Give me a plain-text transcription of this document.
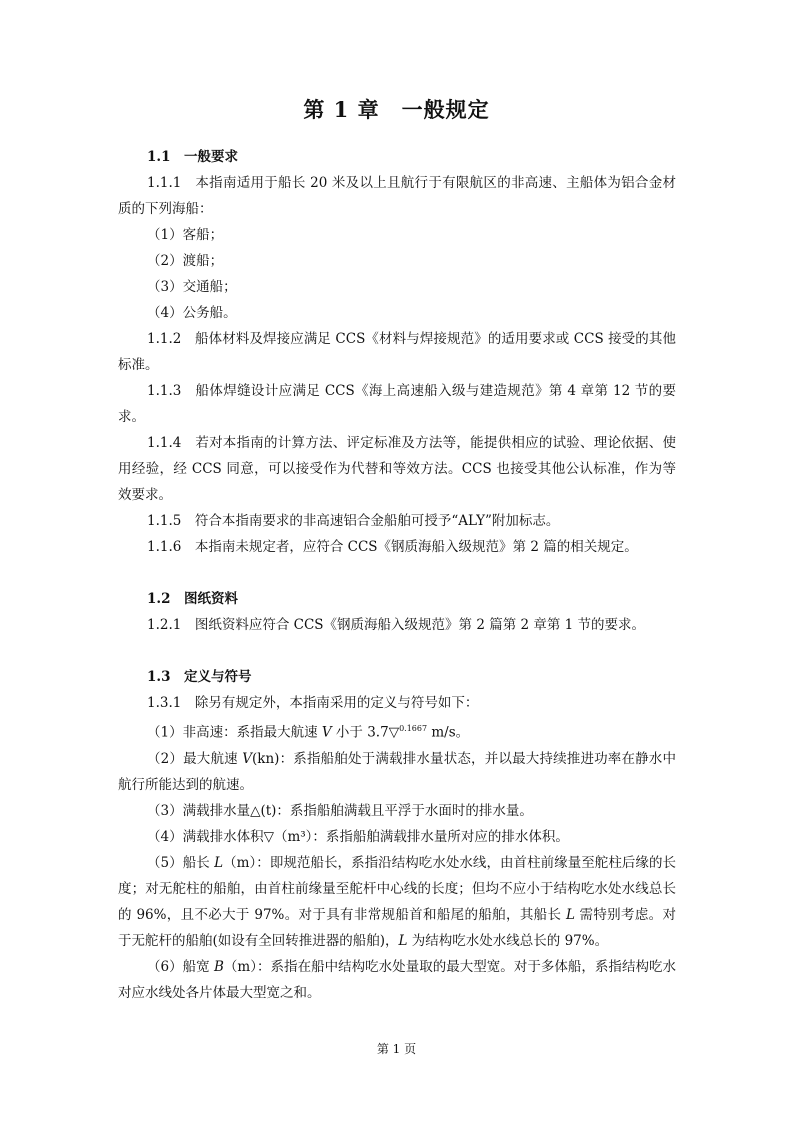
第 1 章　一般规定

1.1　一般要求

1.1.1　本指南适用于船长 20 米及以上且航行于有限航区的非高速、主船体为铝合金材质的下列海船：

（1）客船；

（2）渡船；

（3）交通船；

（4）公务船。

1.1.2　船体材料及焊接应满足 CCS《材料与焊接规范》的适用要求或 CCS 接受的其他标准。

1.1.3　船体焊缝设计应满足 CCS《海上高速船入级与建造规范》第 4 章第 12 节的要求。

1.1.4　若对本指南的计算方法、评定标准及方法等，能提供相应的试验、理论依据、使用经验，经 CCS 同意，可以接受作为代替和等效方法。CCS 也接受其他公认标准，作为等效要求。

1.1.5　符合本指南要求的非高速铝合金船舶可授予“ALY”附加标志。

1.1.6　本指南未规定者，应符合 CCS《钢质海船入级规范》第 2 篇的相关规定。

1.2　图纸资料

1.2.1　图纸资料应符合 CCS《钢质海船入级规范》第 2 篇第 2 章第 1 节的要求。

1.3　定义与符号

1.3.1　除另有规定外，本指南采用的定义与符号如下：

（1）非高速：系指最大航速 V 小于 3.7▽$^{0.1667}$ m/s。

（2）最大航速 V(kn)：系指船舶处于满载排水量状态，并以最大持续推进功率在静水中航行所能达到的航速。

（3）满载排水量△(t)：系指船舶满载且平浮于水面时的排水量。

（4）满载排水体积▽（m³）：系指船舶满载排水量所对应的排水体积。

（5）船长 L（m）：即规范船长，系指沿结构吃水处水线，由首柱前缘量至舵柱后缘的长度；对无舵柱的船舶，由首柱前缘量至舵杆中心线的长度；但均不应小于结构吃水处水线总长的 96%，且不必大于 97%。对于具有非常规船首和船尾的船舶，其船长 L 需特别考虑。对于无舵杆的船舶(如设有全回转推进器的船舶)，L 为结构吃水处水线总长的 97%。

（6）船宽 B（m）：系指在船中结构吃水处量取的最大型宽。对于多体船，系指结构吃水对应水线处各片体最大型宽之和。

第 1 页
